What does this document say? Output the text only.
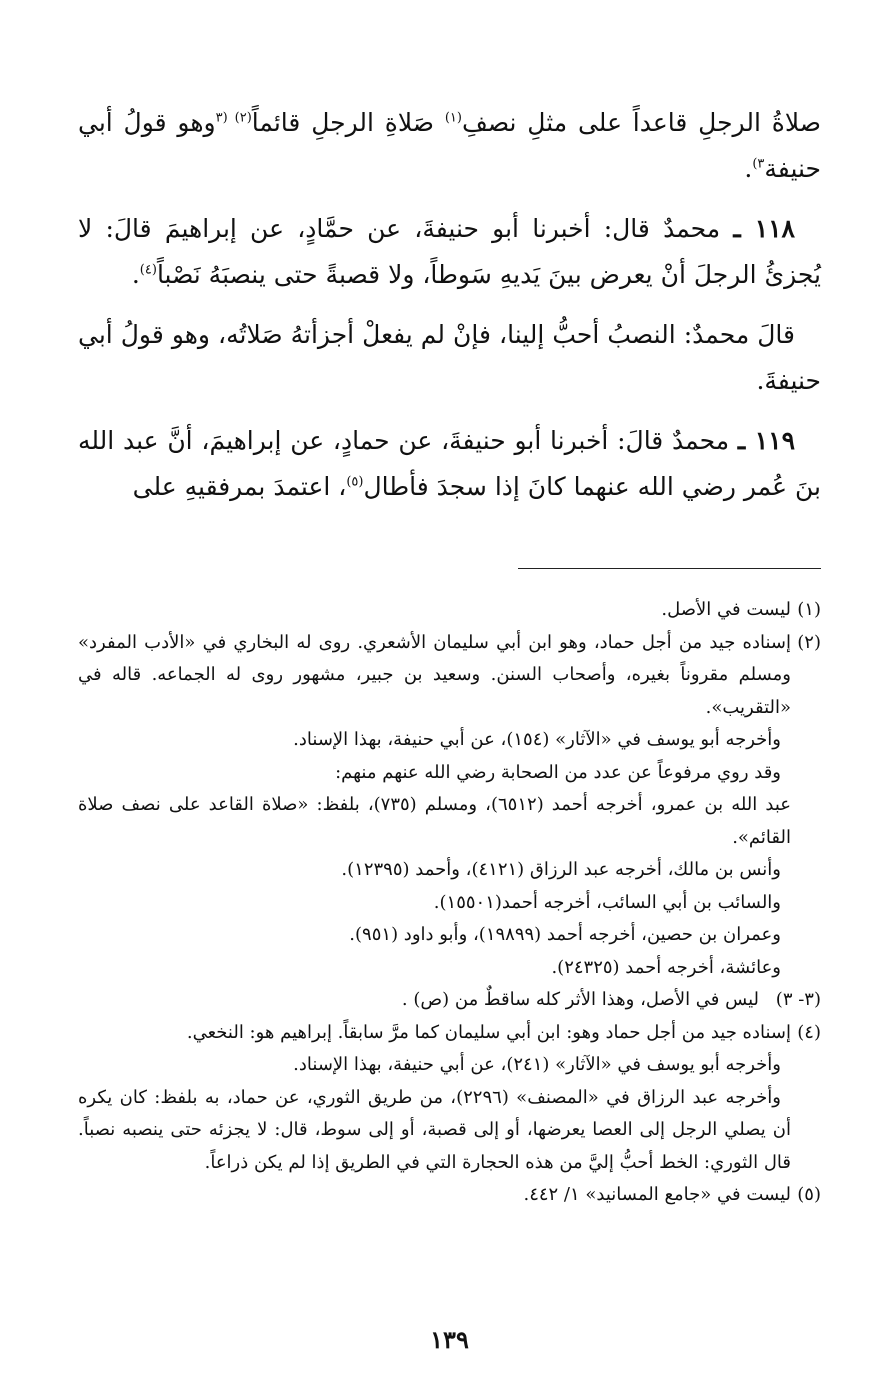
صلاةُ الرجلِ قاعداً على مثلِ نصفِ$^{(١)}$ صَلاةِ الرجلِ قائماً$^{(٢)}$ $^{(٣}$وهو قولُ أبي حنيفة$^{٣)}$.

١١٨ ـ محمدٌ قال: أخبرنا أبو حنيفةَ، عن حمَّادٍ، عن إبراهيمَ قالَ: لا يُجزئُ الرجلَ أنْ يعرض بينَ يَديهِ سَوطاً، ولا قصبةً حتى ينصبَهُ نَصْباً$^{(٤)}$.

قالَ محمدٌ: النصبُ أحبُّ إلينا، فإنْ لم يفعلْ أجزأتهُ صَلاتُه، وهو قولُ أبي حنيفةَ.

١١٩ ـ محمدٌ قالَ: أخبرنا أبو حنيفةَ، عن حمادٍ، عن إبراهيمَ، أنَّ عبد الله بنَ عُمر رضي الله عنهما كانَ إذا سجدَ فأطال$^{(٥)}$، اعتمدَ بمرفقيهِ على

(١)
ليست في الأصل.

(٢)
إسناده جيد من أجل حماد، وهو ابن أبي سليمان الأشعري. روى له البخاري في «الأدب المفرد» ومسلم مقروناً بغيره، وأصحاب السنن. وسعيد بن جبير، مشهور روى له الجماعه. قاله في «التقريب».

وأخرجه أبو يوسف في «الآثار» (١٥٤)، عن أبي حنيفة، بهذا الإسناد.

وقد روي مرفوعاً عن عدد من الصحابة رضي الله عنهم منهم:

عبد الله بن عمرو، أخرجه أحمد (٦٥١٢)، ومسلم (٧٣٥)، بلفظ: «صلاة القاعد على نصف صلاة القائم».

وأنس بن مالك، أخرجه عبد الرزاق (٤١٢١)، وأحمد (١٢٣٩٥).

والسائب بن أبي السائب، أخرجه أحمد(١٥٥٠١).

وعمران بن حصين، أخرجه أحمد (١٩٨٩٩)، وأبو داود (٩٥١).

وعائشة، أخرجه أحمد (٢٤٣٢٥).

(٣- ٣)
ليس في الأصل، وهذا الأثر كله ساقطٌ من (ص) .

(٤)
إسناده جيد من أجل حماد وهو: ابن أبي سليمان كما مرَّ سابقاً. إبراهيم هو: النخعي.

وأخرجه أبو يوسف في «الآثار» (٢٤١)، عن أبي حنيفة، بهذا الإسناد.

وأخرجه عبد الرزاق في «المصنف» (٢٢٩٦)، من طريق الثوري، عن حماد، به بلفظ: كان يكره أن يصلي الرجل إلى العصا يعرضها، أو إلى قصبة، أو إلى سوط، قال: لا يجزئه حتى ينصبه نصباً. قال الثوري: الخط أحبُّ إليَّ من هذه الحجارة التي في الطريق إذا لم يكن ذراعاً.

(٥)
ليست في «جامع المسانيد» ١/ ٤٤٢.

١٣٩
